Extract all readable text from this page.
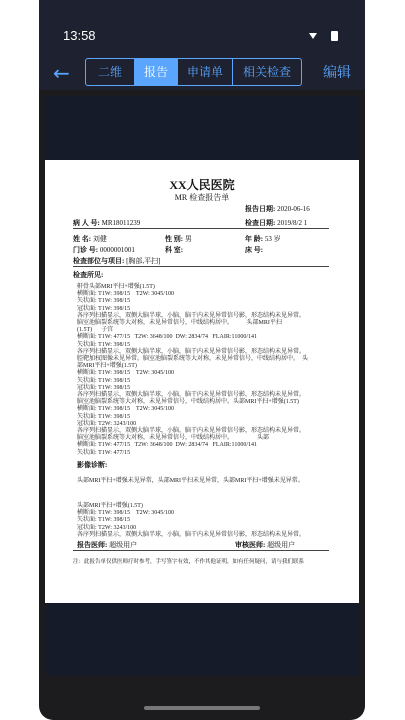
13:58
←	二维	报告	申请单	相关检查	编辑
XX人民医院
MR 检查报告单
报告日期: 2020-06-16
病 人 号: MR18011239	检查日期: 2019/8/2 1
姓 名: 刘健	性 别: 男	年 龄: 53 岁
门诊 号: 0000001001	科 室:	床 号:
检查部位与项目: [胸部,平扫]
检查所见:
鼾骨头部MRI平扫+增强(1.5T)
横断面: T1W: 398/15    T2W: 3045/100
矢状面: T1W: 398/15
冠状面: T1W: 398/15
各序列扫描显示，双侧大脑半球，小脑，脑干内未见异常信号影，形态结构未见异常。
脑室池脑裂系统等大对称，未见异常信号，中线结构居中。         头部MRI平扫
(1.5T)      子宫
横断面: T1W: 477/15   T2W: 3648/100  DW: 2834/74   FLAIR:11000/141
矢状面: T1W: 398/15
各序列扫描显示，双侧大脑半球，小脑，脑干内未见异常信号影，形态结构未见异常。
腔靶加权图像未见异常，脑室池脑裂系统等大对称，未见异常信号，中线结构居中。  头
部MRI平扫+增强(1.5T)
横断面: T1W: 398/15    T2W: 3045/100
矢状面: T1W: 398/15
冠状面: T1W: 398/15
各序列扫描显示，双侧大脑半球，小脑，脑干内未见异常信号影，形态结构未见异常。
脑室池脑裂系统等大对称，未见异常信号，中线结构居中。头部MRI平扫+增强(1.5T)
横断面: T1W: 398/15    T2W: 3045/100
矢状面: T1W: 398/15
冠状面: T2W: 3243/100
各序列扫描显示，双侧大脑半球，小脑，脑干内未见异常信号影，形态结构未见异常。
脑室池脑裂系统等大对称，未见异常信号，中线结构居中。                头部
横断面: T1W: 477/15   T2W: 3648/100  DW: 2834/74   FLAIR:11000/141
矢状面: T1W: 477/15
影像诊断:
头部MRI平扫+增强未见异常，头部MRI平扫未见异常，头部MRI平扫+增强未见异常。
头部MRI平扫+增强(1.5T)
横断面: T1W: 398/15    T2W: 3045/100
矢状面: T1W: 398/15
冠状面: T2W: 3243/100
各序列扫描显示，双侧大脑半球，小脑，脑干内未见异常信号影，形态结构未见异常。
报告医师: 超级用户	审核医师: 超级用户
注：此报告单仅供医师疗时参考，手写签字有效，不作其他证明，如有任何疑问，请与我们联系
